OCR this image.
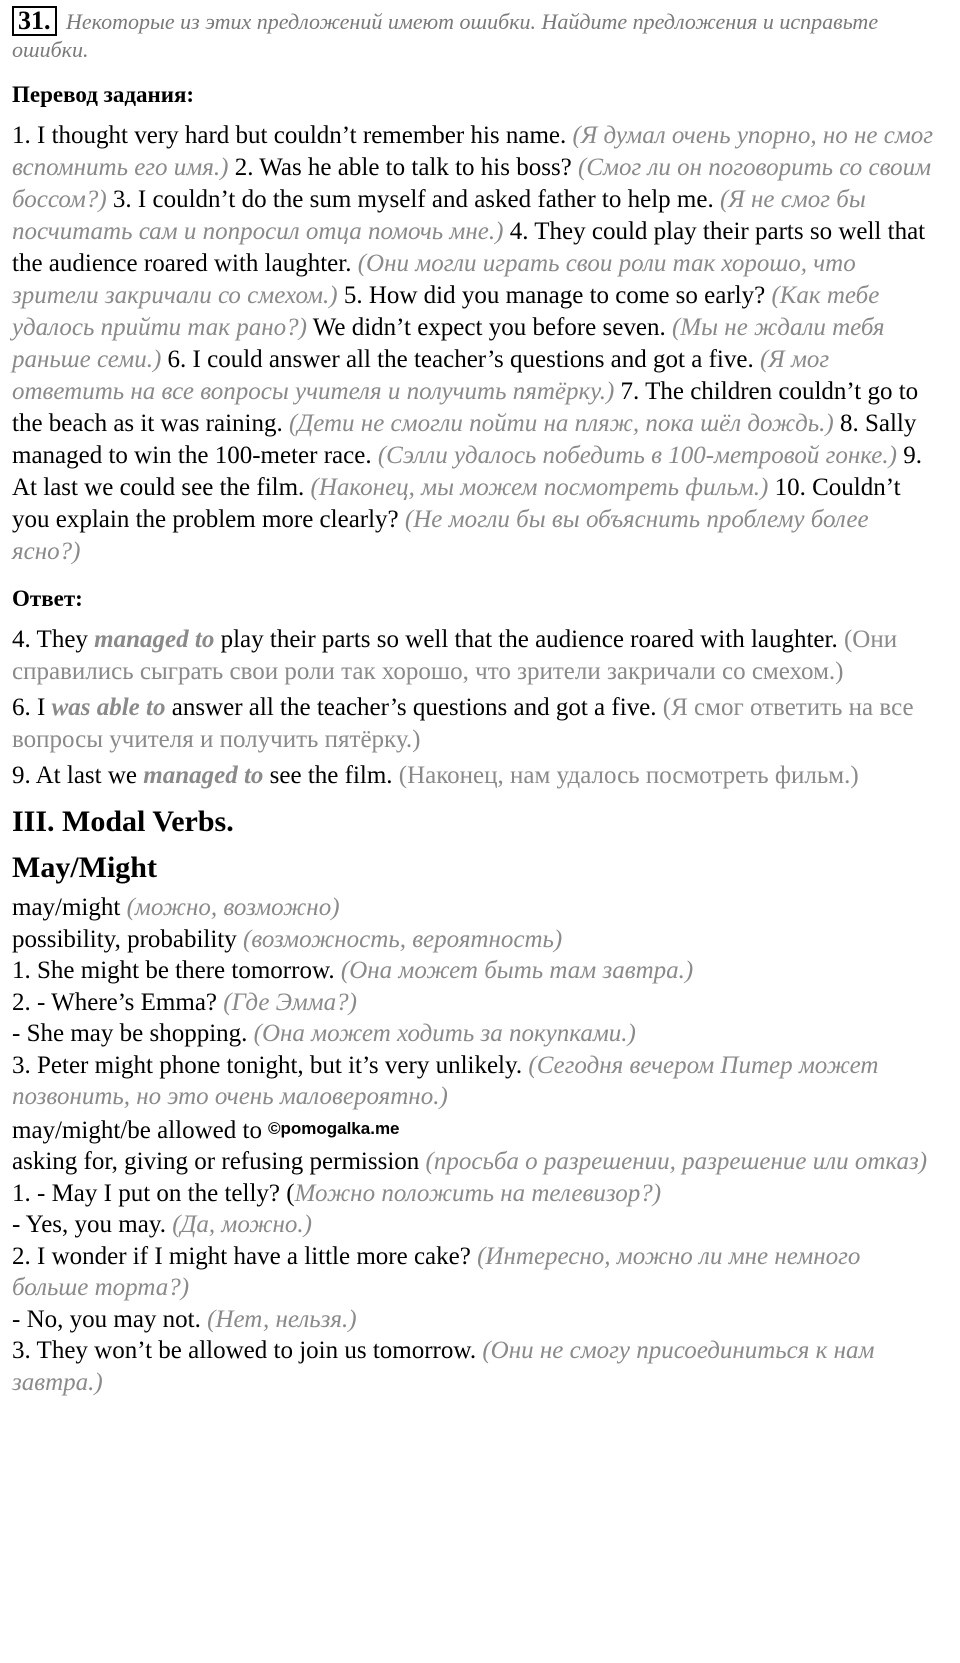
31. Некоторые из этих предложений имеют ошибки. Найдите предложения и исправьте ошибки.
Перевод задания:
1. I thought very hard but couldn’t remember his name. (Я думал очень упорно, но не смог вспомнить его имя.) 2. Was he able to talk to his boss? (Смог ли он поговорить со своим боссом?) 3. I couldn’t do the sum myself and asked father to help me. (Я не смог бы посчитать сам и попросил отца помочь мне.) 4. They could play their parts so well that the audience roared with laughter. (Они могли играть свои роли так хорошо, что зрители закричали со смехом.) 5. How did you manage to come so early? (Как тебе удалось прийти так рано?) We didn’t expect you before seven. (Мы не ждали тебя раньше семи.) 6. I could answer all the teacher’s questions and got a five. (Я мог ответить на все вопросы учителя и получить пятёрку.) 7. The children couldn’t go to the beach as it was raining. (Дети не смогли пойти на пляж, пока шёл дождь.) 8. Sally managed to win the 100-meter race. (Сэлли удалось победить в 100-метровой гонке.) 9. At last we could see the film. (Наконец, мы можем посмотреть фильм.) 10. Couldn’t you explain the problem more clearly? (Не могли бы вы объяснить проблему более ясно?)
Ответ:
4. They managed to play their parts so well that the audience roared with laughter. (Они справились сыграть свои роли так хорошо, что зрители закричали со смехом.)
6. I was able to answer all the teacher’s questions and got a five. (Я смог ответить на все вопросы учителя и получить пятёрку.)
9. At last we managed to see the film. (Наконец, нам удалось посмотреть фильм.)
III. Modal Verbs.
May/Might
may/might (можно, возможно)
possibility, probability (возможность, вероятность)
1. She might be there tomorrow. (Она может быть там завтра.)
2. - Where’s Emma? (Где Эмма?)
- She may be shopping. (Она может ходить за покупками.)
3. Peter might phone tonight, but it’s very unlikely. (Сегодня вечером Питер может позвонить, но это очень маловероятно.)
may/might/be allowed to ©pomogalka.me
asking for, giving or refusing permission (просьба о разрешении, разрешение или отказ)
1. - May I put on the telly? (Можно положить на телевизор?)
- Yes, you may. (Да, можно.)
2. I wonder if I might have a little more cake? (Интересно, можно ли мне немного больше торта?)
- No, you may not. (Нет, нельзя.)
3. They won’t be allowed to join us tomorrow. (Они не смогу присоединиться к нам завтра.)
